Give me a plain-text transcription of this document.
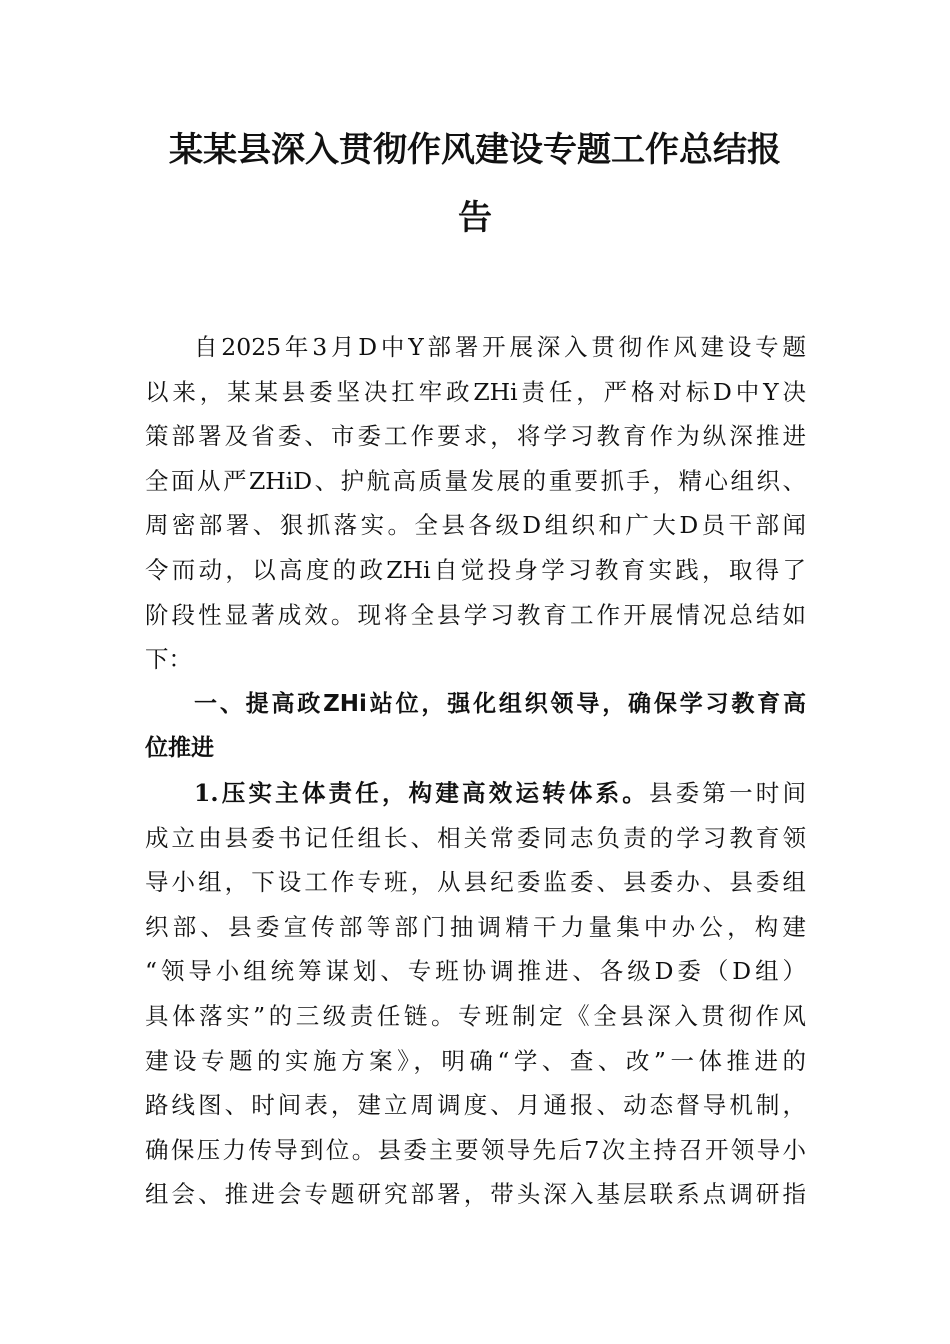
某某县深入贯彻作风建设专题工作总结报
告
自2025年3月D中Y部署开展深入贯彻作风建设专题
以来，某某县委坚决扛牢政ZHi责任，严格对标D中Y决
策部署及省委、市委工作要求，将学习教育作为纵深推进
全面从严ZHiD、护航高质量发展的重要抓手，精心组织、
周密部署、狠抓落实。全县各级D组织和广大D员干部闻
令而动，以高度的政ZHi自觉投身学习教育实践，取得了
阶段性显著成效。现将全县学习教育工作开展情况总结如
下：
一、提高政ZHi站位，强化组织领导，确保学习教育高
位推进
1.压实主体责任，构建高效运转体系。县委第一时间
成立由县委书记任组长、相关常委同志负责的学习教育领
导小组，下设工作专班，从县纪委监委、县委办、县委组
织部、县委宣传部等部门抽调精干力量集中办公，构建
“领导小组统筹谋划、专班协调推进、各级D委（D组）
具体落实”的三级责任链。专班制定《全县深入贯彻作风
建设专题的实施方案》，明确“学、查、改”一体推进的
路线图、时间表，建立周调度、月通报、动态督导机制，
确保压力传导到位。县委主要领导先后7次主持召开领导小
组会、推进会专题研究部署，带头深入基层联系点调研指
